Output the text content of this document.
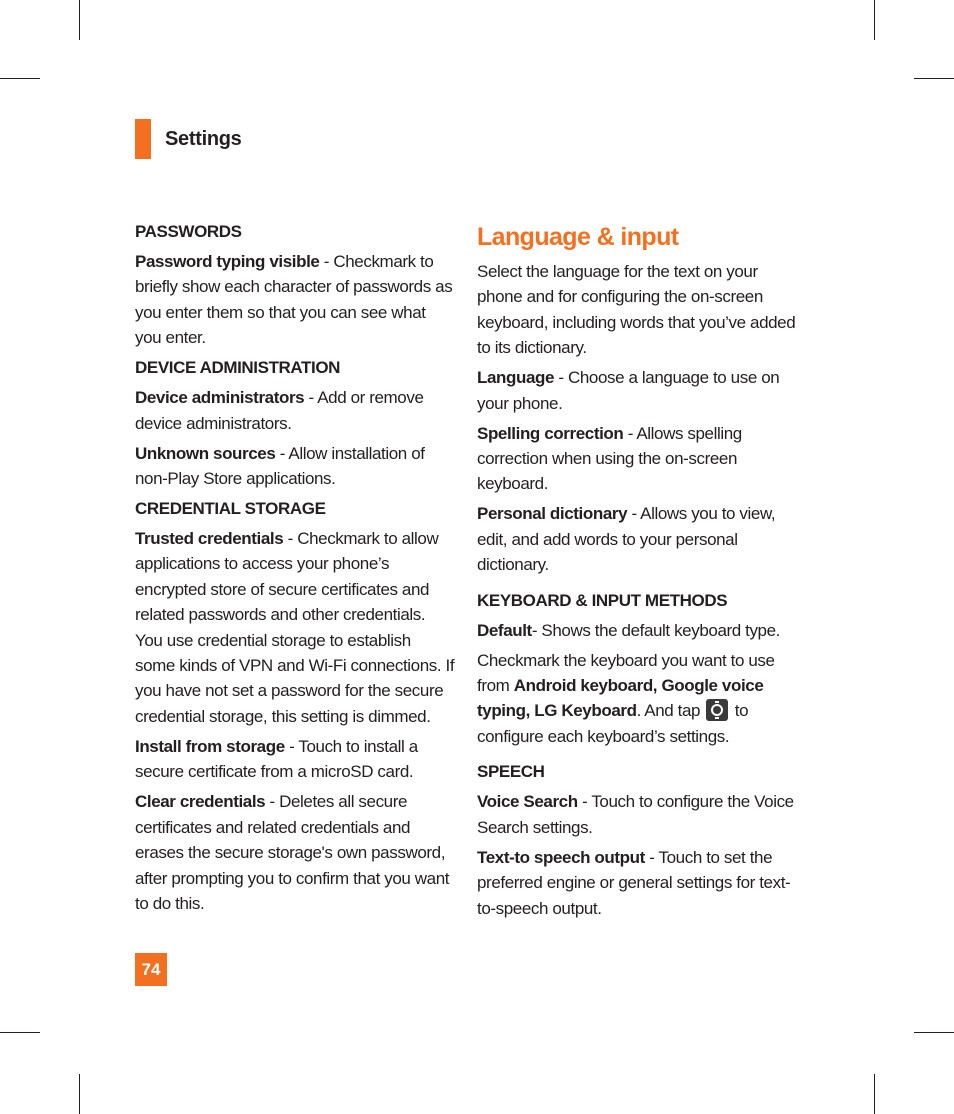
Settings

PASSWORDS

Password typing visible - Checkmark to briefly show each character of passwords as you enter them so that you can see what you enter.

DEVICE ADMINISTRATION

Device administrators - Add or remove device administrators.

Unknown sources - Allow installation of non-Play Store applications.

CREDENTIAL STORAGE

Trusted credentials - Checkmark to allow applications to access your phone’s encrypted store of secure certificates and related passwords and other credentials. You use credential storage to establish some kinds of VPN and Wi-Fi connections. If you have not set a password for the secure credential storage, this setting is dimmed.

Install from storage - Touch to install a secure certificate from a microSD card.

Clear credentials - Deletes all secure certificates and related credentials and erases the secure storage's own password, after prompting you to confirm that you want to do this.

Language & input

Select the language for the text on your phone and for configuring the on-screen keyboard, including words that you’ve added to its dictionary.

Language - Choose a language to use on your phone.

Spelling correction - Allows spelling correction when using the on-screen keyboard.

Personal dictionary - Allows you to view, edit, and add words to your personal dictionary.

KEYBOARD & INPUT METHODS

Default- Shows the default keyboard type.

Checkmark the keyboard you want to use from Android keyboard, Google voice typing, LG Keyboard. And tap  to configure each keyboard’s settings.

SPEECH

Voice Search - Touch to configure the Voice Search settings.

Text-to speech output - Touch to set the preferred engine or general settings for text-to-speech output.

74
